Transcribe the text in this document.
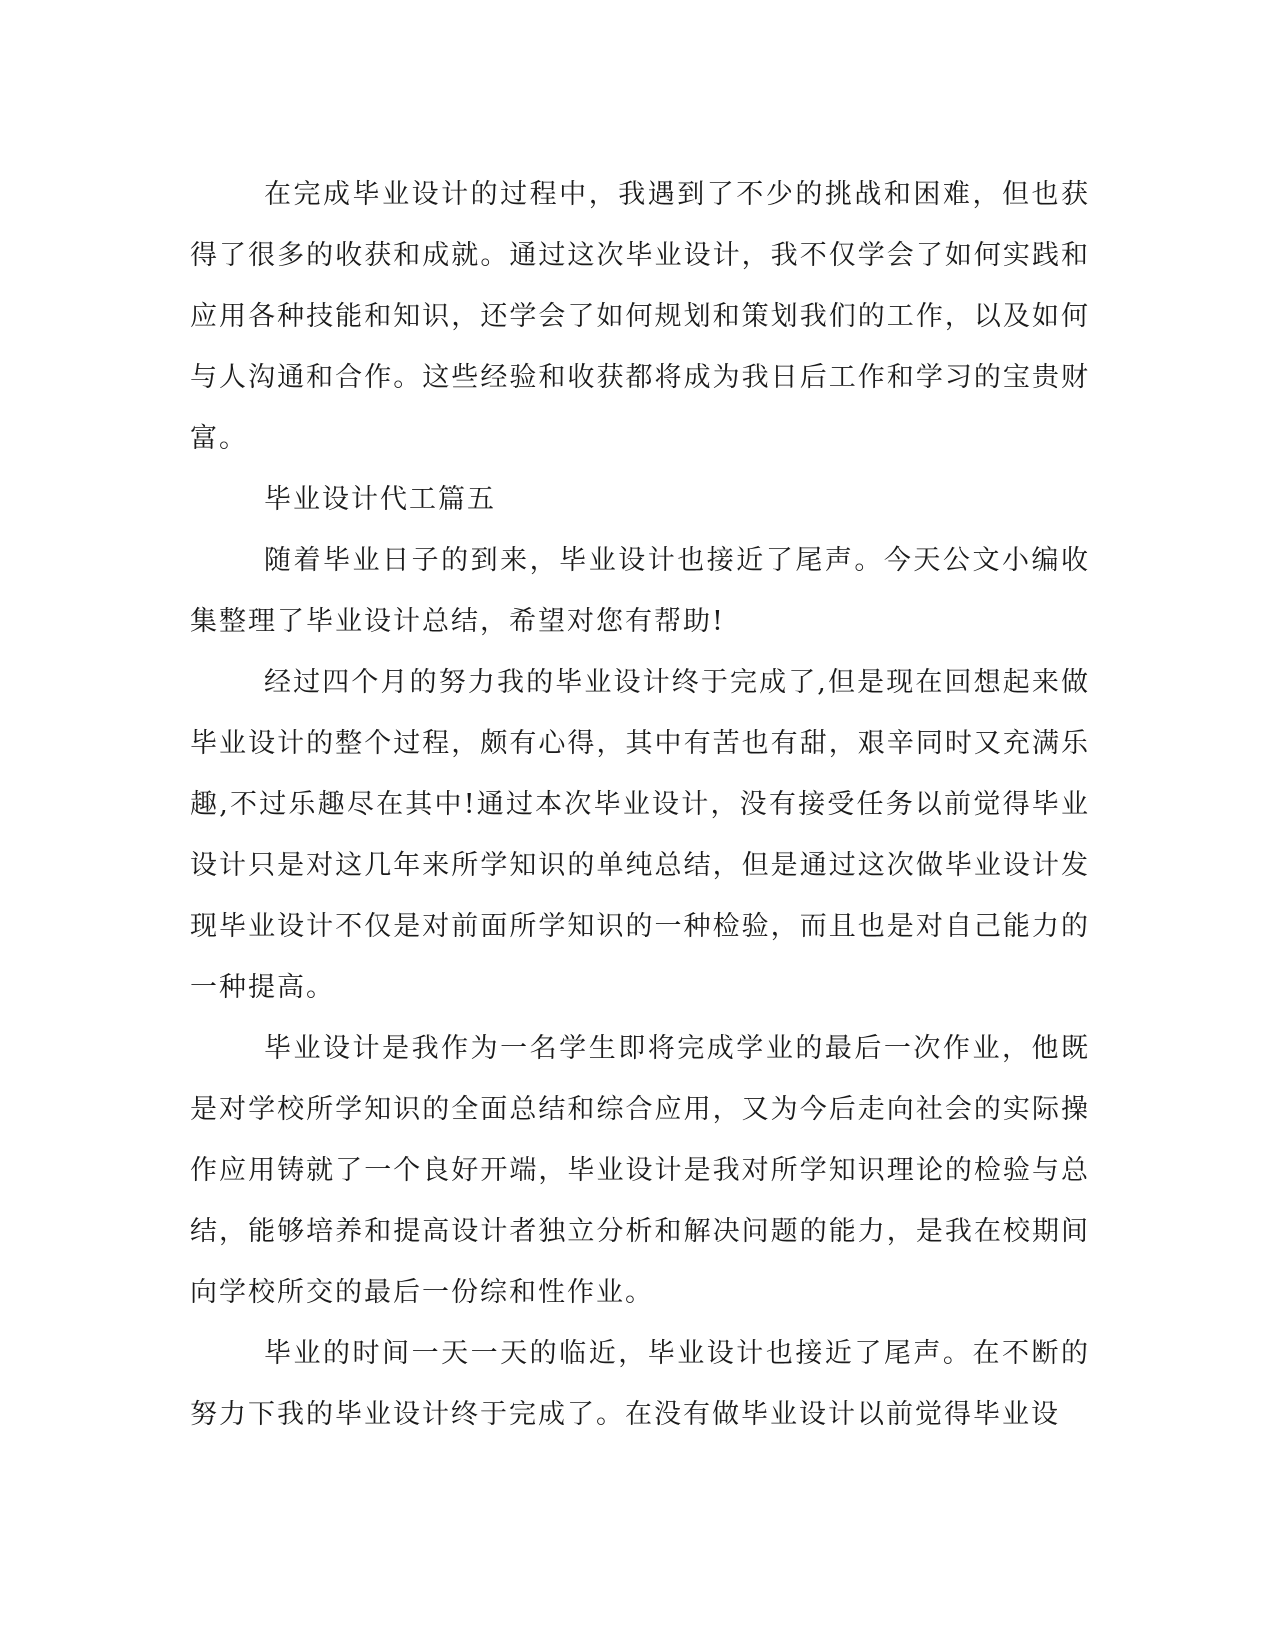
在完成毕业设计的过程中，我遇到了不少的挑战和困难，但也获得了很多的收获和成就。通过这次毕业设计，我不仅学会了如何实践和应用各种技能和知识，还学会了如何规划和策划我们的工作，以及如何与人沟通和合作。这些经验和收获都将成为我日后工作和学习的宝贵财富。

毕业设计代工篇五

随着毕业日子的到来，毕业设计也接近了尾声。今天公文小编收集整理了毕业设计总结，希望对您有帮助!

经过四个月的努力我的毕业设计终于完成了,但是现在回想起来做毕业设计的整个过程，颇有心得，其中有苦也有甜，艰辛同时又充满乐趣,不过乐趣尽在其中!通过本次毕业设计，没有接受任务以前觉得毕业设计只是对这几年来所学知识的单纯总结，但是通过这次做毕业设计发现毕业设计不仅是对前面所学知识的一种检验，而且也是对自己能力的一种提高。

毕业设计是我作为一名学生即将完成学业的最后一次作业，他既是对学校所学知识的全面总结和综合应用，又为今后走向社会的实际操作应用铸就了一个良好开端，毕业设计是我对所学知识理论的检验与总结，能够培养和提高设计者独立分析和解决问题的能力，是我在校期间向学校所交的最后一份综和性作业。

毕业的时间一天一天的临近，毕业设计也接近了尾声。在不断的努力下我的毕业设计终于完成了。在没有做毕业设计以前觉得毕业设
